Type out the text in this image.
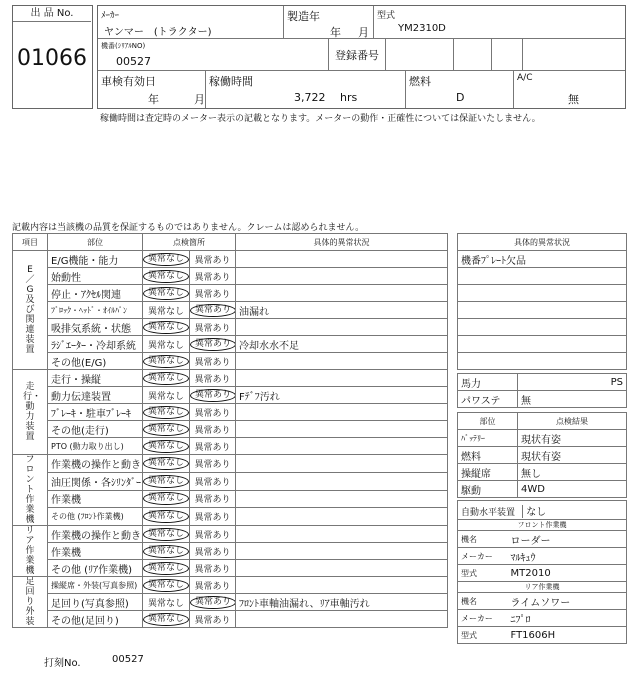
出 品 No.
01066
ﾒｰｶｰ
ヤンマー　(トラクター)
製造年
年 月
型式
YM2310D
機番(ｼﾘｱﾙNO)
00527	登録番号
車検有効日
年	月
稼働時間
3,722 hrs
燃料
D
A/C
無
稼働時間は査定時のメーター表示の記載となります。メーターの動作・正確性については保証いたしません。
記載内容は当該機の品質を保証するものではありません。クレームは認められません。
項目	部位	点検箇所		具体的異常状況
E／G及び関連装置	E/G機能・能力	異常なし	異常あり	
	始動性	異常なし	異常あり	
	停止・ｱｸｾﾙ関連	異常なし	異常あり	
	ﾌﾞﾛｯｸ・ﾍｯﾄﾞ・ｵｲﾙﾊﾟﾝ	異常なし	異常あり	油漏れ
	吸排気系統・状態	異常なし	異常あり	
	ﾗｼﾞｴｰﾀｰ・冷却系統	異常なし	異常あり	冷却水水不足
	その他(E/G)	異常なし	異常あり	
走行・動力装置	走行・操縦	異常なし	異常あり	
	動力伝達装置	異常なし	異常あり	Fﾃﾞﾌ汚れ
	ﾌﾞﾚｰｷ・駐車ﾌﾞﾚｰｷ	異常なし	異常あり	
	その他(走行)	異常なし	異常あり	
	PTO (動力取り出し)	異常なし	異常あり	
フロント作業機	作業機の操作と動き	異常なし	異常あり	
	油圧関係・各ｼﾘﾝﾀﾞｰ	異常なし	異常あり	
	作業機	異常なし	異常あり	
	その他 (ﾌﾛﾝﾄ作業機)	異常なし	異常あり	
リア作業機	作業機の操作と動き	異常なし	異常あり	
	作業機	異常なし	異常あり	
	その他 (ﾘｱ作業機)	異常なし	異常あり	
足回り外装	操縦席・外装(写真参照)	異常なし	異常あり	
	足回り(写真参照)	異常なし	異常あり	ﾌﾛﾝﾄ車軸油漏れ、ﾘｱ車軸汚れ
	その他(足回り)	異常なし	異常あり	
具体的異常状況
機番ﾌﾟﾚｰﾄ欠品

馬力	PS
パワステ	無
部位	点検結果
ﾊﾞｯﾃﾘｰ	現状有姿
燃料	現状有姿
操縦席	無し
駆動	4WD
自動水平装置 なし	
フロント作業機	
機名	ローダー
メーカー	ﾏﾙｷｭｳ
型式	MT2010
リア作業機	
機名	ライムソワー
メーカー	ﾆﾌﾟﾛ
型式	FT1606H
打刻No.	00527
